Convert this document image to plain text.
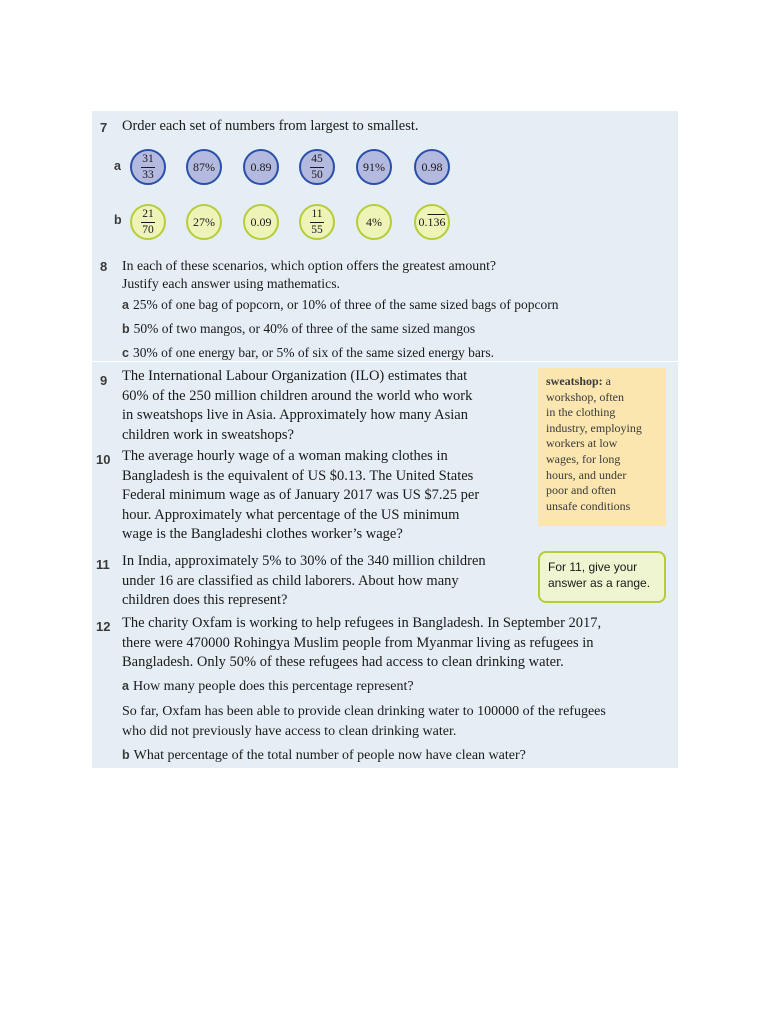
7 Order each set of numbers from largest to smallest.
a
b
$\frac{31}{33}$	87%	0.89	$\frac{45}{50}$	91%	0.98
$\frac{21}{70}$	27%	0.09	$\frac{11}{55}$	4%	0.136
8 In each of these scenarios, which option offers the greatest amount?
Justify each answer using mathematics.
a 25% of one bag of popcorn, or 10% of three of the same sized bags of popcorn
b 50% of two mangos, or 40% of three of the same sized mangos
c 30% of one energy bar, or 5% of six of the same sized energy bars.
9 The International Labour Organization (ILO) estimates that
60% of the 250 million children around the world who work
in sweatshops live in Asia. Approximately how many Asian
children work in sweatshops?
10 The average hourly wage of a woman making clothes in
Bangladesh is the equivalent of US $0.13. The United States
Federal minimum wage as of January 2017 was US $7.25 per
hour. Approximately what percentage of the US minimum
wage is the Bangladeshi clothes worker’s wage?
11 In India, approximately 5% to 30% of the 340 million children
under 16 are classified as child laborers. About how many
children does this represent?
12 The charity Oxfam is working to help refugees in Bangladesh. In September 2017,
there were 470000 Rohingya Muslim people from Myanmar living as refugees in
Bangladesh. Only 50% of these refugees had access to clean drinking water.
a How many people does this percentage represent?
So far, Oxfam has been able to provide clean drinking water to 100000 of the refugees
who did not previously have access to clean drinking water.
b What percentage of the total number of people now have clean water?
sweatshop: a
workshop, often
in the clothing
industry, employing
workers at low
wages, for long
hours, and under
poor and often
unsafe conditions
For 11, give your
answer as a range.
